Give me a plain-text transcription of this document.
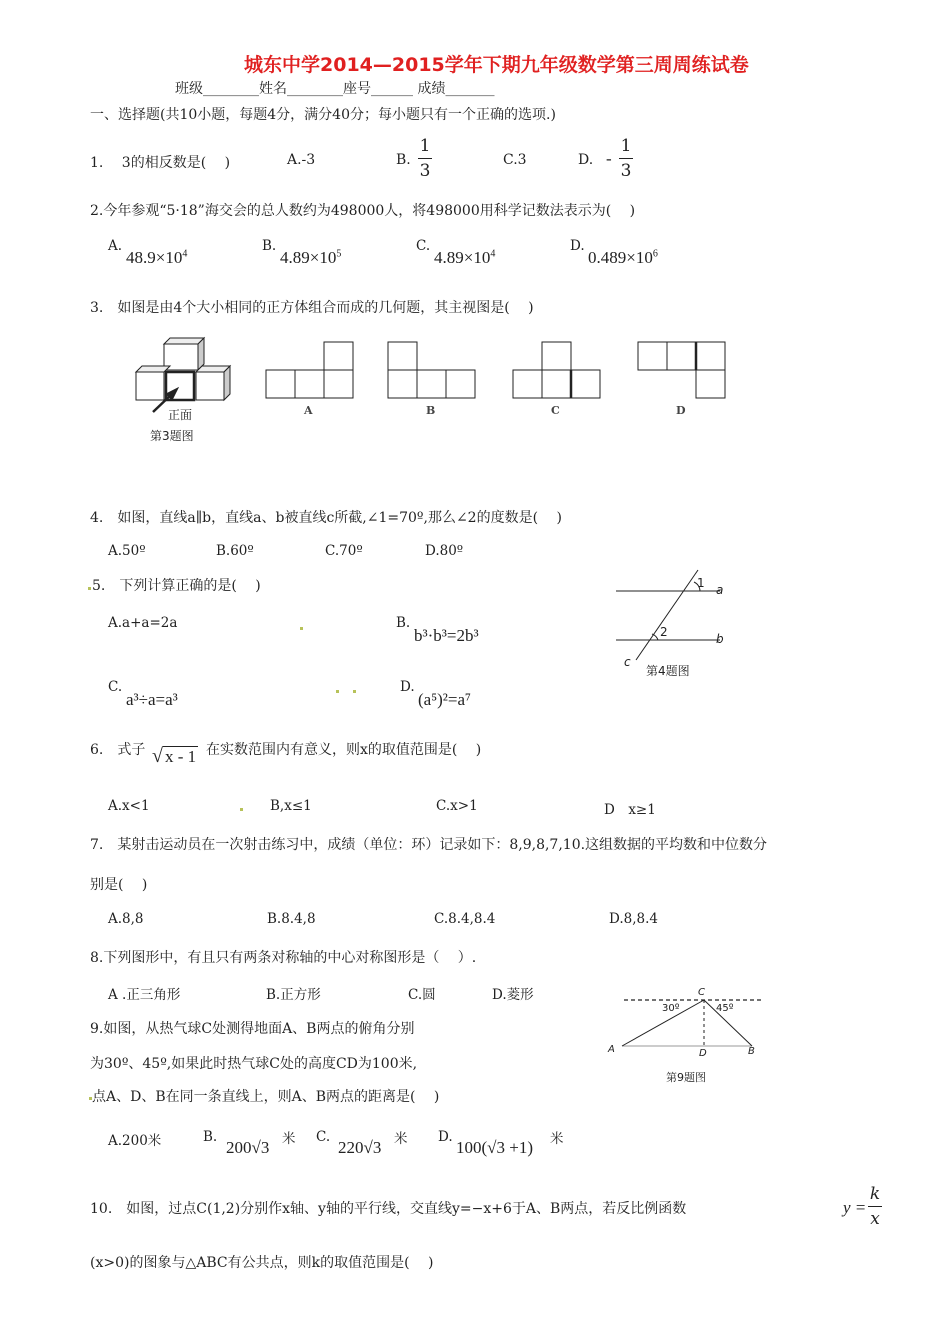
城东中学2014—2015学年下期九年级数学第三周周练试卷
班级________姓名________座号______ 成绩_______
一、选择题(共10小题，每题4分，满分40分；每小题只有一个正确的选项.)
1.　 3的相反数是(　 )	A.-3	B.
1
3
C.3	D. -
1
3
2.今年参观“5·18”海交会的总人数约为498000人，将498000用科学记数法表示为(　 )
A.
$48.9\times 10^4$	B.
$4.89\times 10^5$	C.
$4.89\times 10^4$	D.
$0.489\times 10^6$
3.　如图是由4个大小相同的正方体组合而成的几何题，其主视图是(　 )
正面
第3题图
A	B	C	D
4.　如图，直线a∥b，直线a、b被直线c所截,∠1=70º,那么∠2的度数是(　 )
A.50º	B.60º	C.70º	D.80º
1
2
a
b
c
第4题图
5.　下列计算正确的是(　 )
A.a+a=2a	B.
b³·b³=2b³
C.
a³÷a=a³
D.
(a⁵)²=a⁷
6.　式子 √ x - 1 在实数范围内有意义，则x的取值范围是(　 )
A.x<1	B,x≤1	C.x>1	D　x≥1
7.　某射击运动员在一次射击练习中，成绩（单位：环）记录如下：8,9,8,7,10.这组数据的平均数和中位数分
别是(　 )
A.8,8	B.8.4,8	C.8.4,8.4	D.8,8.4
8.下列图形中，有且只有两条对称轴的中心对称图形是（　 ）.
A .正三角形	B.正方形	C.圆	D.菱形	C
30º	45º
A	D	B
第9题图
9.如图，从热气球C处测得地面A、B两点的俯角分别
为30º、45º,如果此时热气球C处的高度CD为100米,
点A、D、B在同一条直线上，则A、B两点的距离是(　 )
A.200米	B.
200√3 米 C.
220√3 米 D.
100(√3 +1) 米
10.　如图，过点C(1,2)分别作x轴、y轴的平行线，交直线y=−x+6于A、B两点，若反比例函数	y =
k
x
(x>0)的图象与△ABC有公共点，则k的取值范围是(　 )
